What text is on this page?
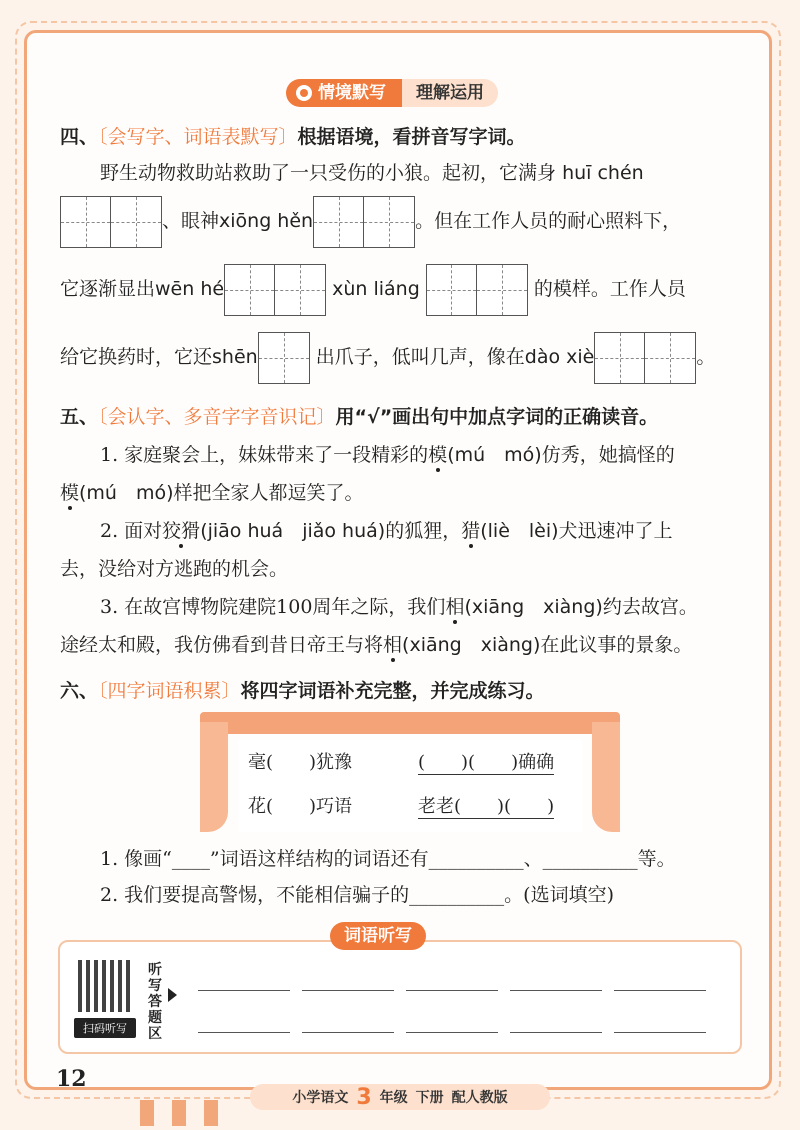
情境默写	理解运用
四、〔会写字、词语表默写〕根据语境，看拼音写字词。
野生动物救助站救助了一只受伤的小狼。起初，它满身 huī chén
、眼神xiōng hěn	。但在工作人员的耐心照料下，
它逐渐显出wēn hé	xùn liáng	的模样。工作人员
给它换药时，它还shēn	出爪子，低叫几声，像在dào xiè	。
五、〔会认字、多音字字音识记〕用“√”画出句中加点字词的正确读音。
1. 家庭聚会上，妹妹带来了一段精彩的模(mú　mó)仿秀，她搞怪的
模(mú　mó)样把全家人都逗笑了。
2. 面对狡猾(jiāo huá　jiǎo huá)的狐狸，猎(liè　lèi)犬迅速冲了上
去，没给对方逃跑的机会。
3. 在故宫博物院建院100周年之际，我们相(xiāng　xiàng)约去故宫。
途经太和殿，我仿佛看到昔日帝王与将相(xiāng　xiàng)在此议事的景象。
六、〔四字词语积累〕将四字词语补充完整，并完成练习。
毫(　　)犹豫	(　　)(　　)确确
花(　　)巧语	老老(　　)(　　)
1. 像画“____”词语这样结构的词语还有__________、__________等。
2. 我们要提高警惕，不能相信骗子的__________。(选词填空)
词语听写
扫码听写
听写答题区
12
小学语文 3 年级 下册 配人教版
